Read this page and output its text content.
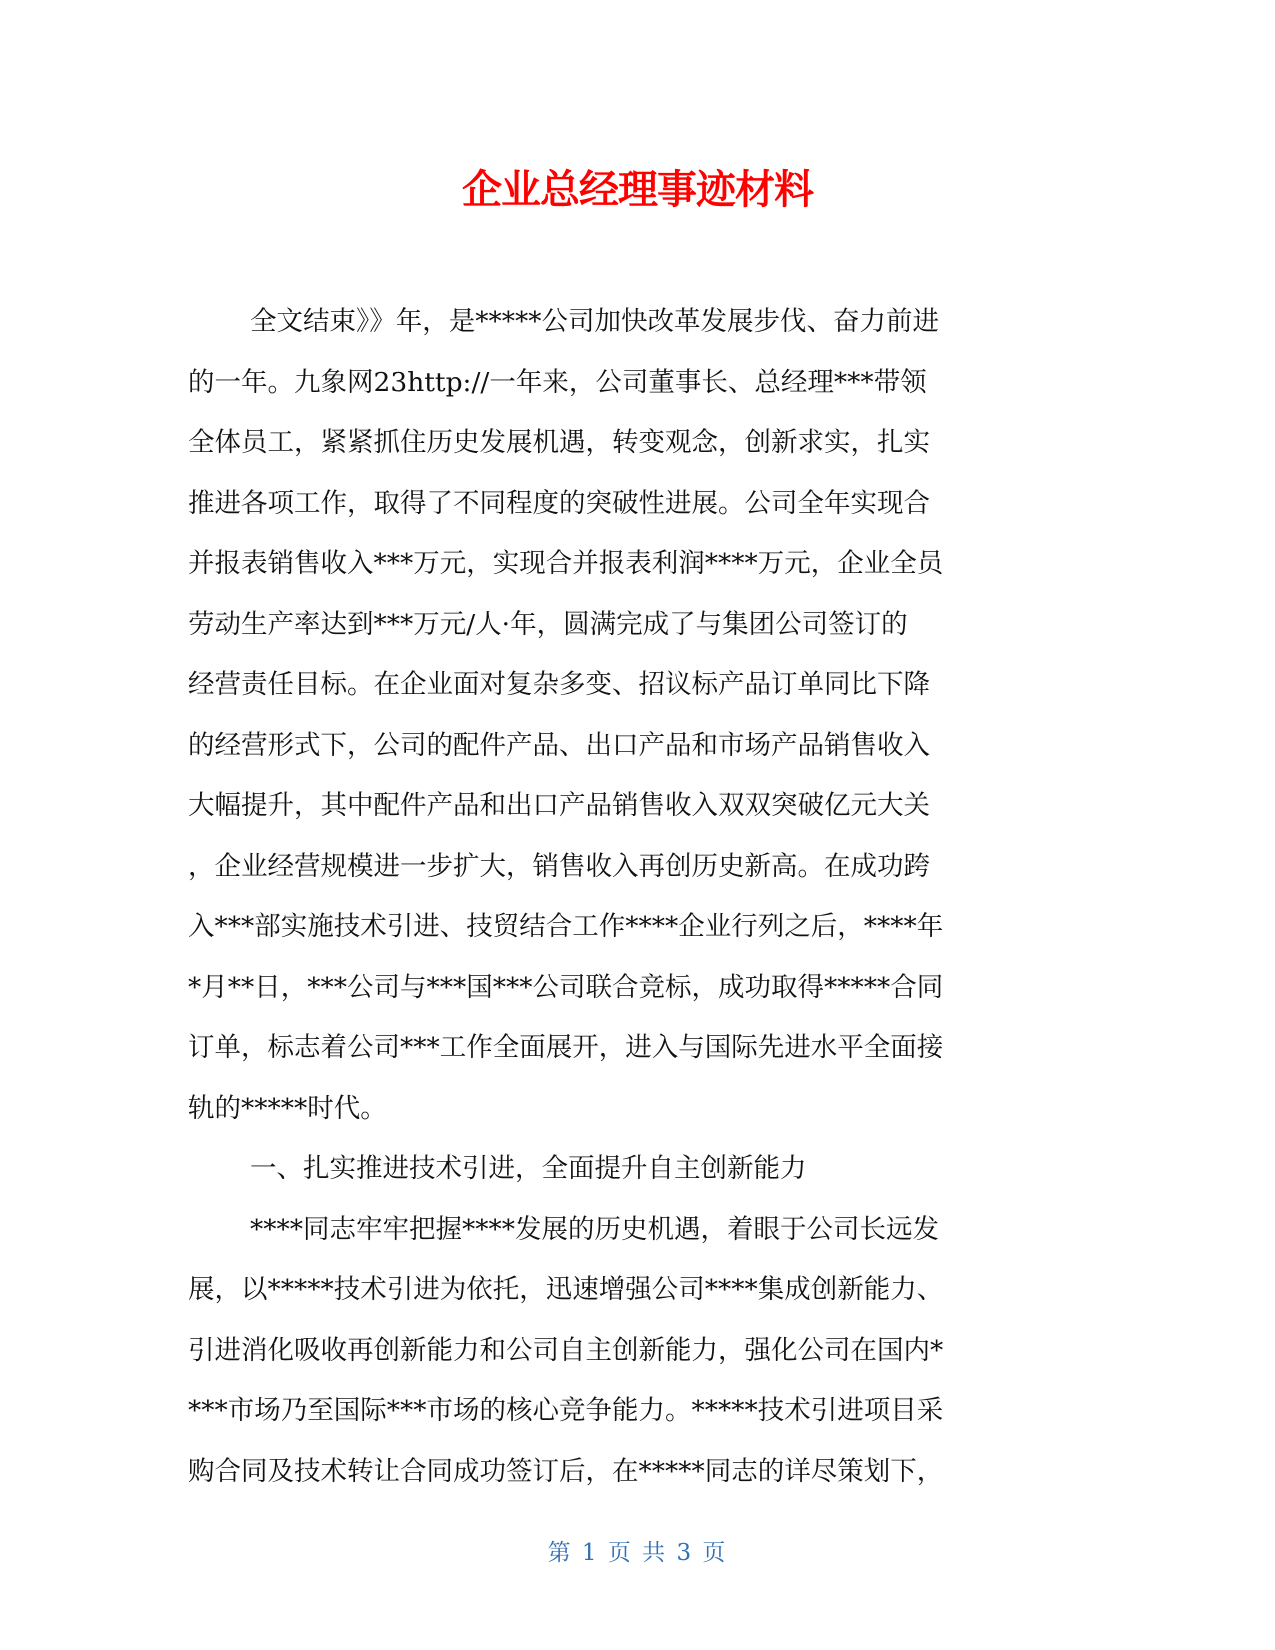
企业总经理事迹材料
全文结束》》年，是*****公司加快改革发展步伐、奋力前进
的一年。九象网23http://一年来，公司董事长、总经理***带领
全体员工，紧紧抓住历史发展机遇，转变观念，创新求实，扎实
推进各项工作，取得了不同程度的突破性进展。公司全年实现合
并报表销售收入***万元，实现合并报表利润****万元，企业全员
劳动生产率达到***万元/人·年，圆满完成了与集团公司签订的
经营责任目标。在企业面对复杂多变、招议标产品订单同比下降
的经营形式下，公司的配件产品、出口产品和市场产品销售收入
大幅提升，其中配件产品和出口产品销售收入双双突破亿元大关
，企业经营规模进一步扩大，销售收入再创历史新高。在成功跨
入***部实施技术引进、技贸结合工作****企业行列之后，****年
*月**日，***公司与***国***公司联合竞标，成功取得*****合同
订单，标志着公司***工作全面展开，进入与国际先进水平全面接
轨的*****时代。
一、扎实推进技术引进，全面提升自主创新能力
****同志牢牢把握****发展的历史机遇，着眼于公司长远发
展，以*****技术引进为依托，迅速增强公司****集成创新能力、
引进消化吸收再创新能力和公司自主创新能力，强化公司在国内*
***市场乃至国际***市场的核心竞争能力。*****技术引进项目采
购合同及技术转让合同成功签订后，在*****同志的详尽策划下，
第 1 页 共 3 页
